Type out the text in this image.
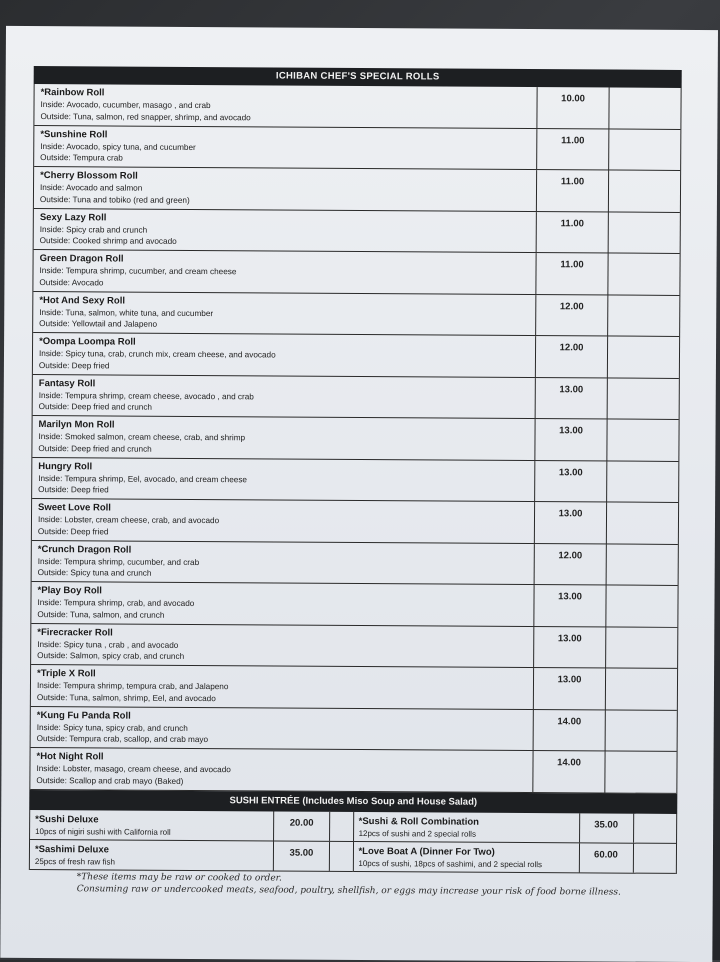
ICHIBAN CHEF'S SPECIAL ROLLS
*Rainbow Roll
Inside: Avocado, cucumber, masago , and crab
Outside: Tuna, salmon, red snapper, shrimp, and avocado
10.00
*Sunshine Roll
Inside: Avocado, spicy tuna, and cucumber
Outside: Tempura crab
11.00
*Cherry Blossom Roll
Inside: Avocado and salmon
Outside: Tuna and tobiko (red and green)
11.00
Sexy Lazy Roll
Inside: Spicy crab and crunch
Outside: Cooked shrimp and avocado
11.00
Green Dragon Roll
Inside: Tempura shrimp, cucumber, and cream cheese
Outside: Avocado
11.00
*Hot And Sexy Roll
Inside: Tuna, salmon, white tuna, and cucumber
Outside: Yellowtail and Jalapeno
12.00
*Oompa Loompa Roll
Inside: Spicy tuna, crab, crunch mix, cream cheese, and avocado
Outside: Deep fried
12.00
Fantasy Roll
Inside: Tempura shrimp, cream cheese, avocado , and crab
Outside: Deep fried and crunch
13.00
Marilyn Mon Roll
Inside: Smoked salmon, cream cheese, crab, and shrimp
Outside: Deep fried and crunch
13.00
Hungry Roll
Inside: Tempura shrimp, Eel, avocado, and cream cheese
Outside: Deep fried
13.00
Sweet Love Roll
Inside: Lobster, cream cheese, crab, and avocado
Outside: Deep fried
13.00
*Crunch Dragon Roll
Inside: Tempura shrimp, cucumber, and crab
Outside: Spicy tuna and crunch
12.00
*Play Boy Roll
Inside: Tempura shrimp, crab, and avocado
Outside: Tuna, salmon, and crunch
13.00
*Firecracker Roll
Inside: Spicy tuna , crab , and avocado
Outside: Salmon, spicy crab, and crunch
13.00
*Triple X Roll
Inside: Tempura shrimp, tempura crab, and Jalapeno
Outside: Tuna, salmon, shrimp, Eel, and avocado
13.00
*Kung Fu Panda Roll
Inside: Spicy tuna, spicy crab, and crunch
Outside: Tempura crab, scallop, and crab mayo
14.00
*Hot Night Roll
Inside: Lobster, masago, cream cheese, and avocado
Outside: Scallop and crab mayo (Baked)
14.00
SUSHI ENTRÉE (Includes Miso Soup and House Salad)
*Sushi Deluxe
10pcs of nigiri sushi with California roll
20.00
*Sashimi Deluxe
25pcs of fresh raw fish
35.00
*Sushi & Roll Combination
12pcs of sushi and 2 special rolls
35.00
*Love Boat A (Dinner For Two)
10pcs of sushi, 18pcs of sashimi, and 2 special rolls
60.00
*These items may be raw or cooked to order.
Consuming raw or undercooked meats, seafood, poultry, shellfish, or eggs may increase your risk of food borne illness.
